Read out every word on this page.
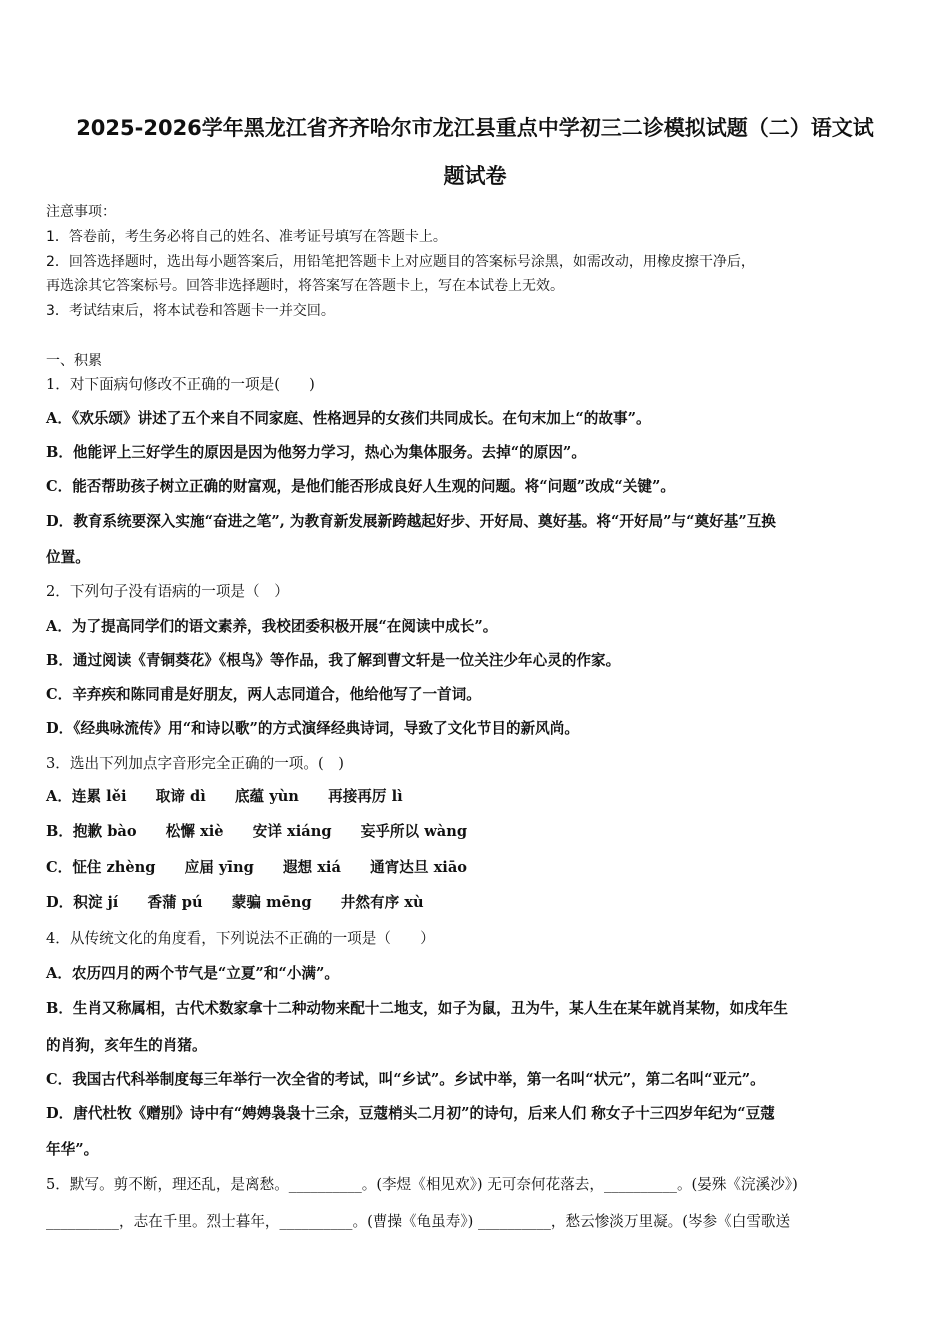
2025-2026学年黑龙江省齐齐哈尔市龙江县重点中学初三二诊模拟试题（二）语文试
题试卷
注意事项：
1．答卷前，考生务必将自己的姓名、准考证号填写在答题卡上。
2．回答选择题时，选出每小题答案后，用铅笔把答题卡上对应题目的答案标号涂黑，如需改动，用橡皮擦干净后，
再选涂其它答案标号。回答非选择题时，将答案写在答题卡上，写在本试卷上无效。
3．考试结束后，将本试卷和答题卡一并交回。
一、积累
1．对下面病句修改不正确的一项是(　　)
A．《欢乐颂》讲述了五个来自不同家庭、性格迥异的女孩们共同成长。在句末加上“的故事”。
B．他能评上三好学生的原因是因为他努力学习，热心为集体服务。去掉“的原因”。
C．能否帮助孩子树立正确的财富观，是他们能否形成良好人生观的问题。将“问题”改成“关键”。
D．教育系统要深入实施“奋进之笔”, 为教育新发展新跨越起好步、开好局、奠好基。将“开好局”与“奠好基”互换
位置。
2．下列句子没有语病的一项是（　）
A．为了提高同学们的语文素养，我校团委积极开展“在阅读中成长”。
B．通过阅读《青铜葵花》《根鸟》等作品，我了解到曹文轩是一位关注少年心灵的作家。
C．辛弃疾和陈同甫是好朋友，两人志同道合，他给他写了一首词。
D．《经典咏流传》用“和诗以歌”的方式演绎经典诗词，导致了文化节目的新风尚。
3．选出下列加点字音形完全正确的一项。(　)
A．连累 lěi　　取谛 dì　　底蕴 yùn　　再接再厉 lì
B．抱歉 bào　　松懈 xiè　　安详 xiáng　　妄乎所以 wàng
C．怔住 zhèng　　应届 yīng　　遐想 xiá　　通宵达旦 xiāo
D．积淀 jí　　香蒲 pú　　蒙骗 mēng　　井然有序 xù
4．从传统文化的角度看，下列说法不正确的一项是（　　）
A．农历四月的两个节气是“立夏”和“小满”。
B．生肖又称属相，古代术数家拿十二种动物来配十二地支，如子为鼠，丑为牛，某人生在某年就肖某物，如戌年生
的肖狗，亥年生的肖猪。
C．我国古代科举制度每三年举行一次全省的考试，叫“乡试”。乡试中举，第一名叫“状元”，第二名叫“亚元”。
D．唐代杜牧《赠别》诗中有“娉娉袅袅十三余，豆蔻梢头二月初”的诗句，后来人们 称女子十三四岁年纪为“豆蔻
年华”。
5．默写。剪不断，理还乱，是离愁。__________。(李煜《相见欢》) 无可奈何花落去，__________。(晏殊《浣溪沙》)
__________，志在千里。烈士暮年，__________。(曹操《龟虽寿》) __________，愁云惨淡万里凝。(岑参《白雪歌送
